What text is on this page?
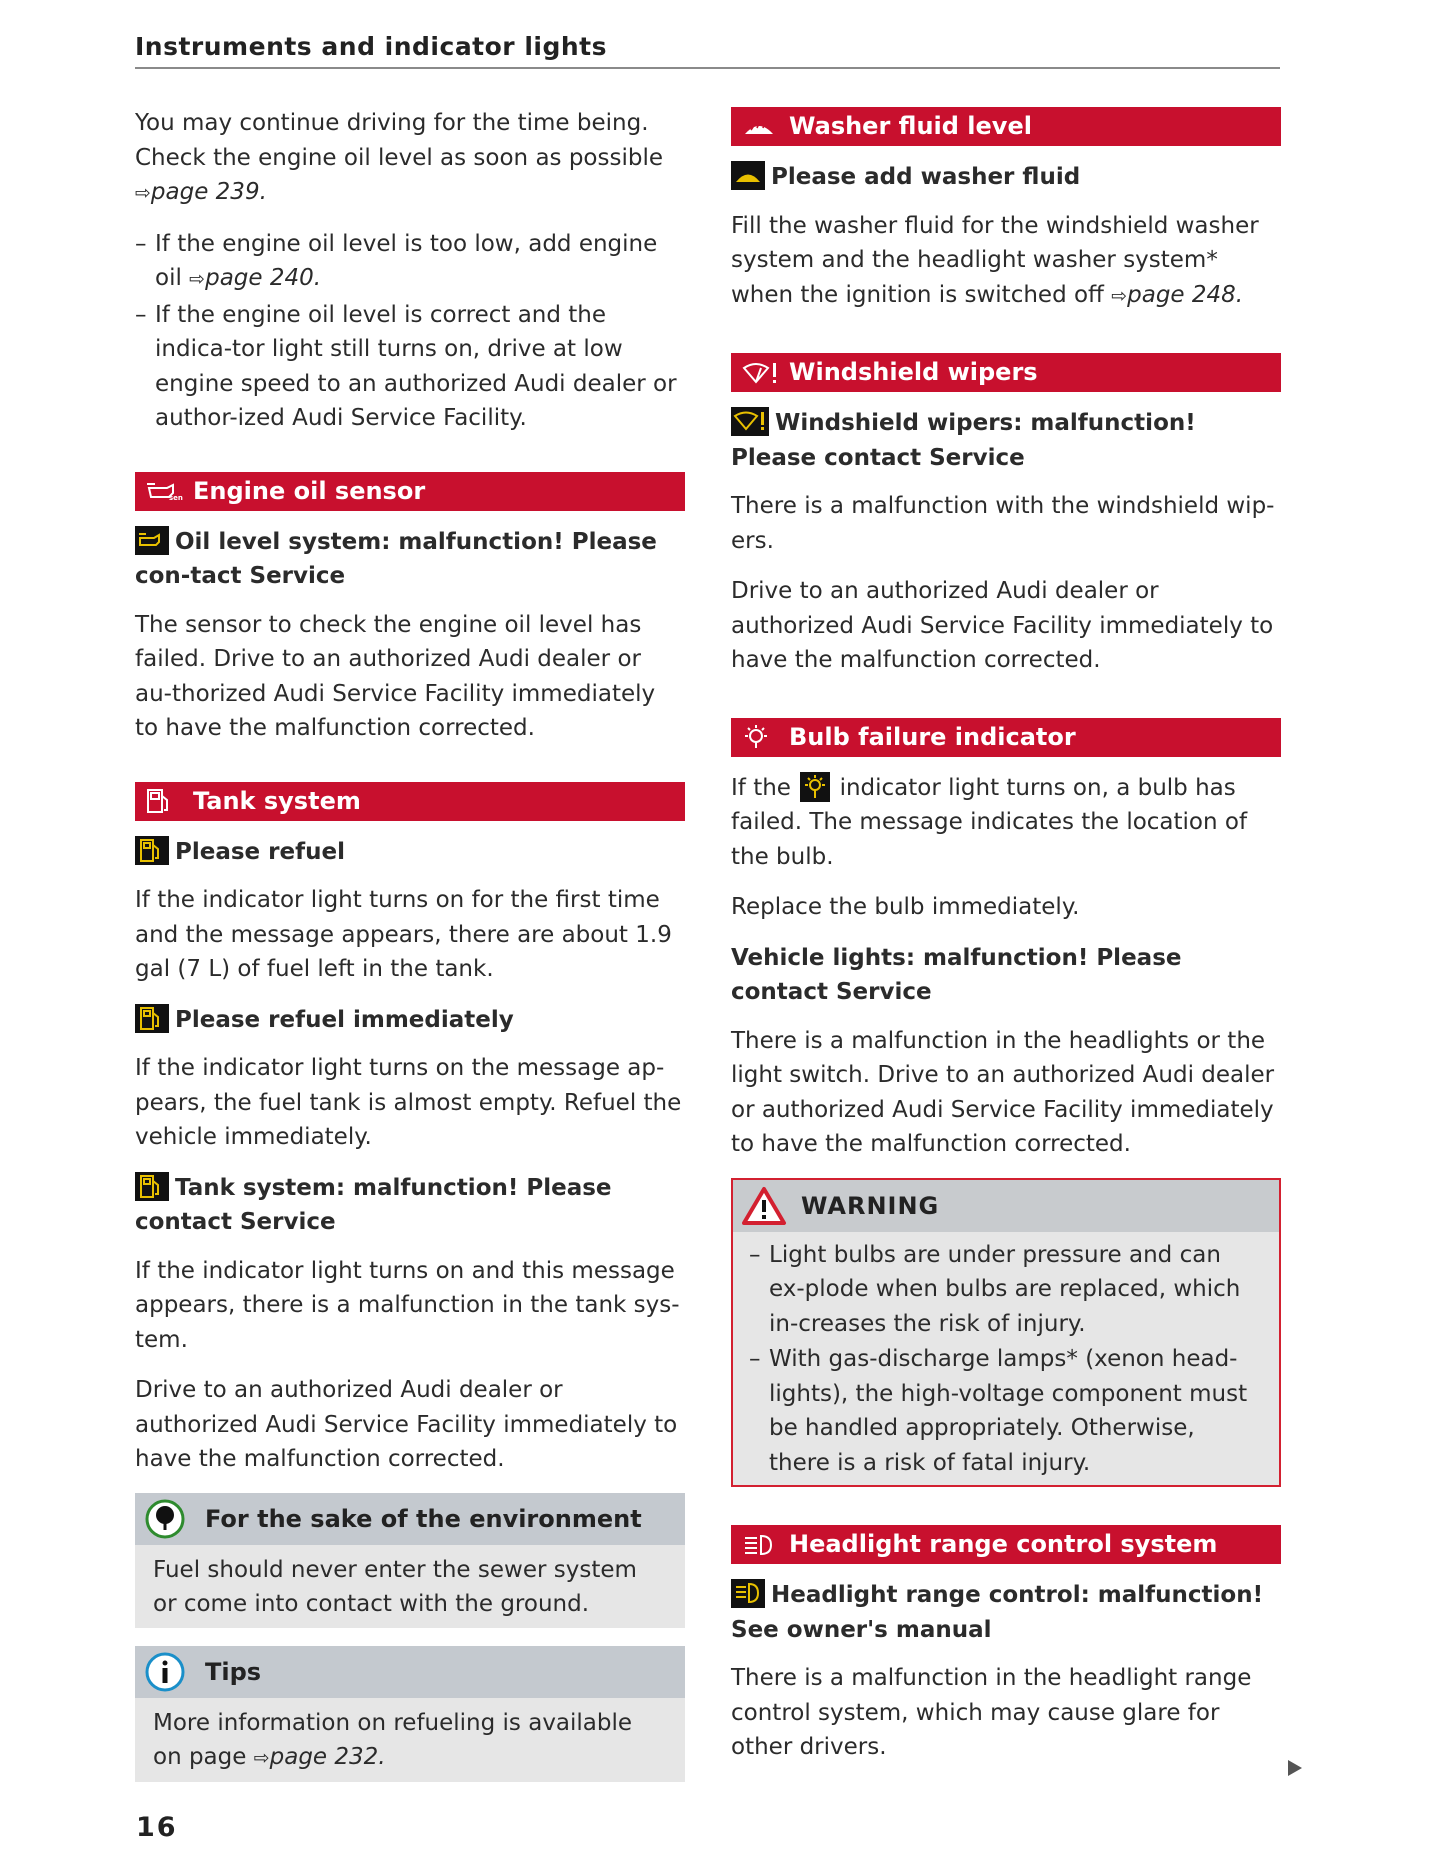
Instruments and indicator lights

You may continue driving for the time being. Check the engine oil level as soon as possible ⇨page 239.

– If the engine oil level is too low, add engine oil ⇨page 240.
– If the engine oil level is correct and the indica-tor light still turns on, drive at low engine speed to an authorized Audi dealer or author-ized Audi Service Facility.
sen Engine oil sensor
Oil level system: malfunction! Please con-tact Service

The sensor to check the engine oil level has failed. Drive to an authorized Audi dealer or au-thorized Audi Service Facility immediately to have the malfunction corrected.

Tank system
Please refuel

If the indicator light turns on for the first time and the message appears, there are about 1.9 gal (7 L) of fuel left in the tank.

Please refuel immediately

If the indicator light turns on the message ap-pears, the fuel tank is almost empty. Refuel the vehicle immediately.

Tank system: malfunction! Please contact Service

If the indicator light turns on and this message appears, there is a malfunction in the tank sys-tem.

Drive to an authorized Audi dealer or authorized Audi Service Facility immediately to have the malfunction corrected.

For the sake of the environment
Fuel should never enter the sewer system or come into contact with the ground.
Tips
More information on refueling is available on page ⇨page 232.
Washer fluid level
Please add washer fluid

Fill the washer fluid for the windshield washer system and the headlight washer system* when the ignition is switched off ⇨page 248.

Windshield wipers
Windshield wipers: malfunction! Please contact Service

There is a malfunction with the windshield wip-ers.

Drive to an authorized Audi dealer or authorized Audi Service Facility immediately to have the malfunction corrected.

Bulb failure indicator

If the indicator light turns on, a bulb has failed. The message indicates the location of the bulb.

Replace the bulb immediately.

Vehicle lights: malfunction! Please contact Service

There is a malfunction in the headlights or the light switch. Drive to an authorized Audi dealer or authorized Audi Service Facility immediately to have the malfunction corrected.

WARNING
– Light bulbs are under pressure and can ex-plode when bulbs are replaced, which in-creases the risk of injury.
– With gas-discharge lamps* (xenon head-lights), the high-voltage component must be handled appropriately. Otherwise, there is a risk of fatal injury.
Headlight range control system
Headlight range control: malfunction! See owner's manual

There is a malfunction in the headlight range control system, which may cause glare for other drivers.

16
